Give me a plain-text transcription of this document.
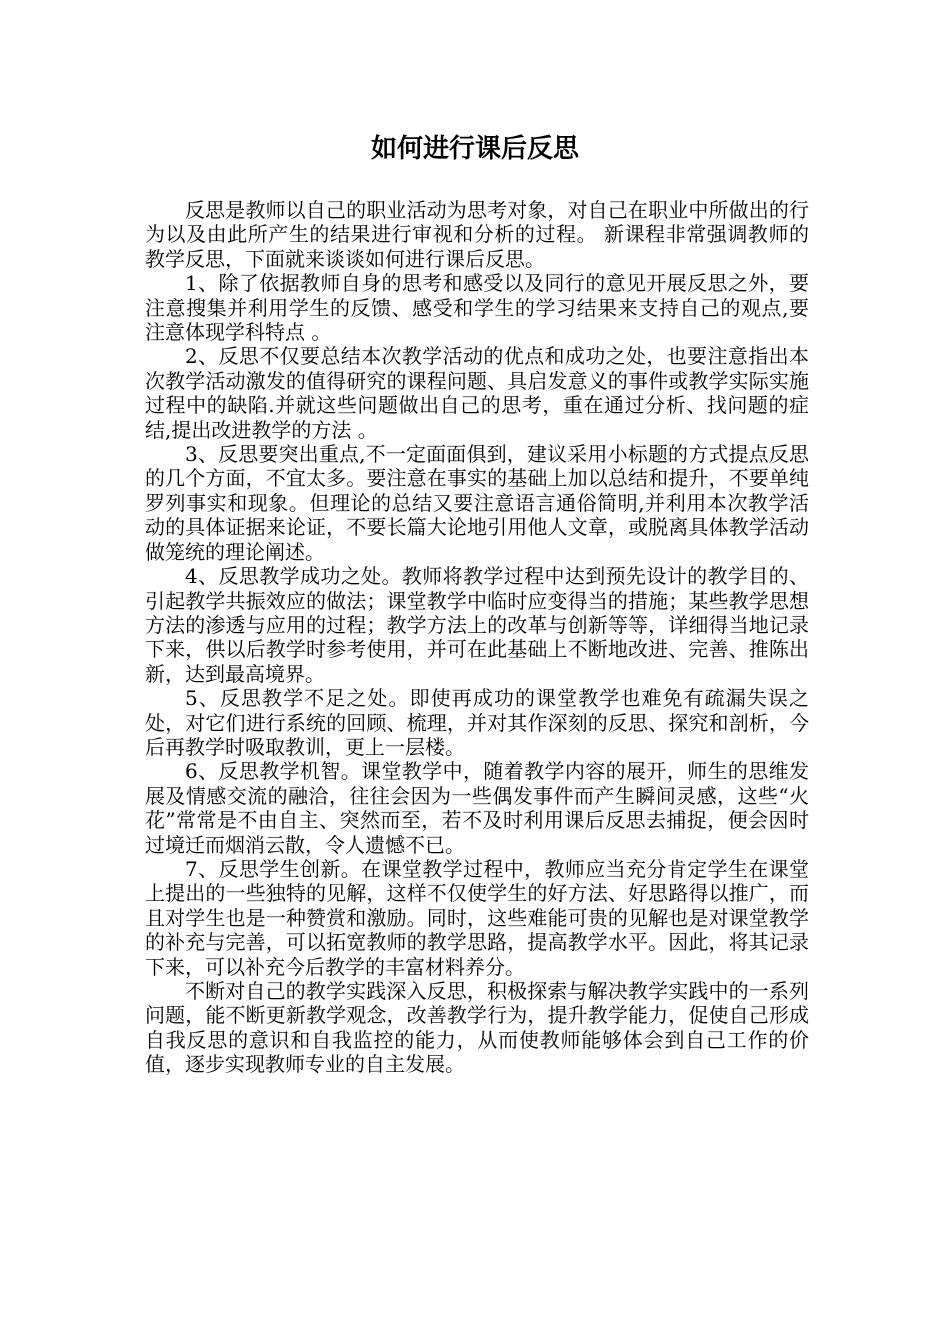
如何进行课后反思

反思是教师以自己的职业活动为思考对象，对自己在职业中所做出的行为以及由此所产生的结果进行审视和分析的过程。 新课程非常强调教师的教学反思，下面就来谈谈如何进行课后反思。

1、除了依据教师自身的思考和感受以及同行的意见开展反思之外，要注意搜集并利用学生的反馈、感受和学生的学习结果来支持自己的观点,要注意体现学科特点 。

2、反思不仅要总结本次教学活动的优点和成功之处，也要注意指出本次教学活动激发的值得研究的课程问题、具启发意义的事件或教学实际实施过程中的缺陷.并就这些问题做出自己的思考，重在通过分析、找问题的症结,提出改进教学的方法 。

3、反思要突出重点,不一定面面俱到，建议采用小标题的方式提点反思的几个方面，不宜太多。要注意在事实的基础上加以总结和提升，不要单纯罗列事实和现象。但理论的总结又要注意语言通俗简明,并利用本次教学活动的具体证据来论证，不要长篇大论地引用他人文章，或脱离具体教学活动做笼统的理论阐述。

4、反思教学成功之处。教师将教学过程中达到预先设计的教学目的、引起教学共振效应的做法；课堂教学中临时应变得当的措施；某些教学思想方法的渗透与应用的过程；教学方法上的改革与创新等等，详细得当地记录下来，供以后教学时参考使用，并可在此基础上不断地改进、完善、推陈出新，达到最高境界。

5、反思教学不足之处。即使再成功的课堂教学也难免有疏漏失误之处，对它们进行系统的回顾、梳理，并对其作深刻的反思、探究和剖析，今后再教学时吸取教训，更上一层楼。

6、反思教学机智。课堂教学中，随着教学内容的展开，师生的思维发展及情感交流的融洽，往往会因为一些偶发事件而产生瞬间灵感，这些“火花”常常是不由自主、突然而至，若不及时利用课后反思去捕捉，便会因时过境迁而烟消云散，令人遗憾不已。

7、反思学生创新。在课堂教学过程中，教师应当充分肯定学生在课堂上提出的一些独特的见解，这样不仅使学生的好方法、好思路得以推广，而且对学生也是一种赞赏和激励。同时，这些难能可贵的见解也是对课堂教学的补充与完善，可以拓宽教师的教学思路，提高教学水平。因此，将其记录下来，可以补充今后教学的丰富材料养分。

不断对自己的教学实践深入反思，积极探索与解决教学实践中的一系列问题，能不断更新教学观念，改善教学行为，提升教学能力，促使自己形成自我反思的意识和自我监控的能力，从而使教师能够体会到自己工作的价值，逐步实现教师专业的自主发展。
